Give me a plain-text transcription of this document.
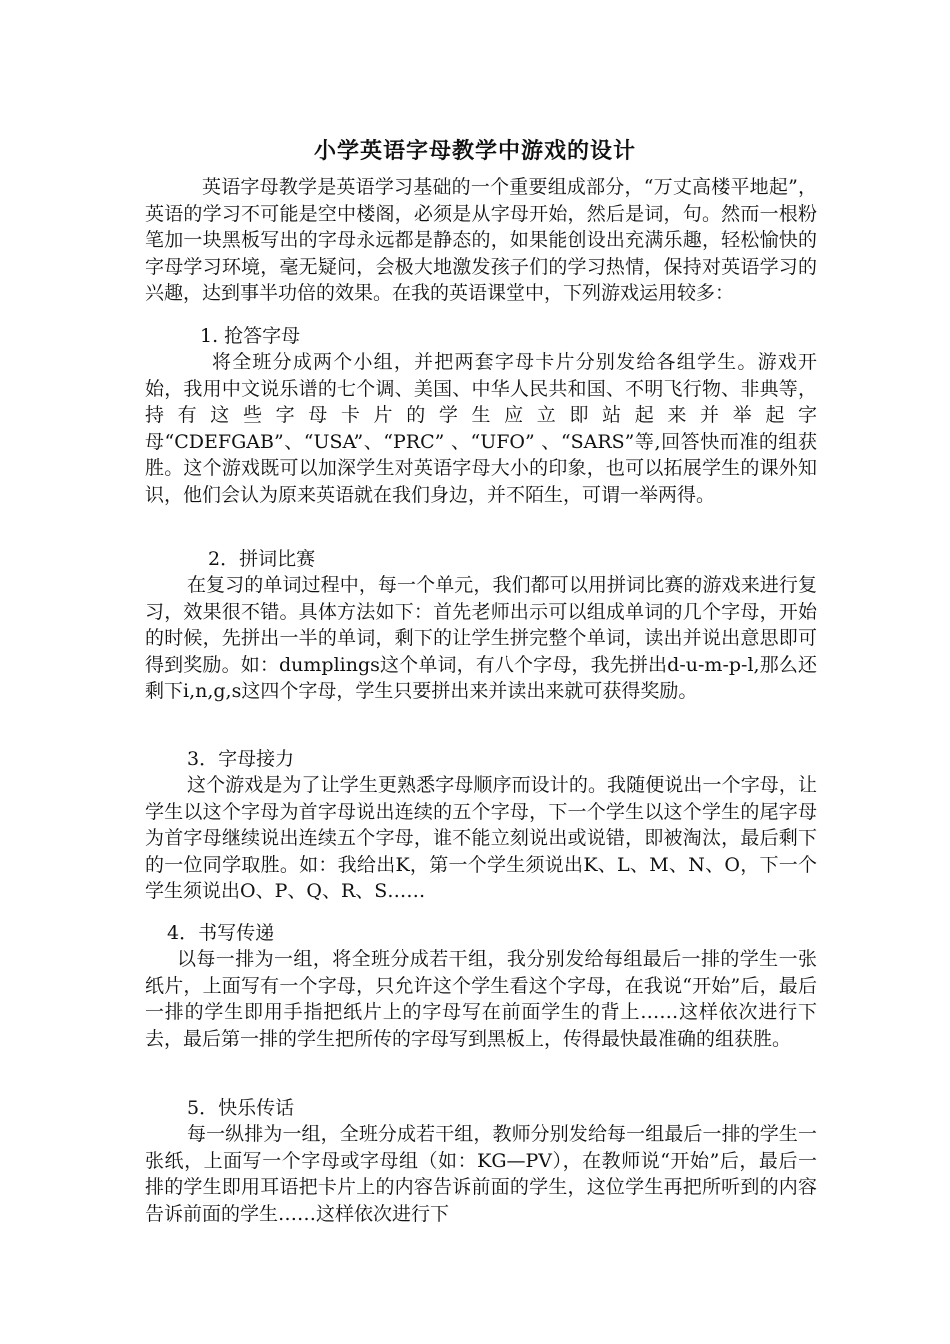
小学英语字母教学中游戏的设计

英语字母教学是英语学习基础的一个重要组成部分，“万丈高楼平地起”，英语的学习不可能是空中楼阁，必须是从字母开始，然后是词，句。然而一根粉笔加一块黑板写出的字母永远都是静态的，如果能创设出充满乐趣，轻松愉快的字母学习环境，毫无疑问，会极大地激发孩子们的学习热情，保持对英语学习的兴趣，达到事半功倍的效果。在我的英语课堂中，下列游戏运用较多：

1. 抢答字母

将全班分成两个小组，并把两套字母卡片分别发给各组学生。游戏开始，我用中文说乐谱的七个调、美国、中华人民共和国、不明飞行物、非典等，持有这些字母卡片的学生应立即站起来并举起字母“CDEFGAB”、“USA”、“PRC” 、“UFO” 、“SARS”等,回答快而准的组获胜。这个游戏既可以加深学生对英语字母大小的印象，也可以拓展学生的课外知识，他们会认为原来英语就在我们身边，并不陌生，可谓一举两得。

2．拼词比赛

在复习的单词过程中，每一个单元，我们都可以用拼词比赛的游戏来进行复习，效果很不错。具体方法如下：首先老师出示可以组成单词的几个字母，开始的时候，先拼出一半的单词，剩下的让学生拼完整个单词，读出并说出意思即可得到奖励。如：dumplings这个单词，有八个字母，我先拼出d-u-m-p-l,那么还剩下i,n,g,s这四个字母，学生只要拼出来并读出来就可获得奖励。

3．字母接力

这个游戏是为了让学生更熟悉字母顺序而设计的。我随便说出一个字母，让学生以这个字母为首字母说出连续的五个字母，下一个学生以这个学生的尾字母为首字母继续说出连续五个字母，谁不能立刻说出或说错，即被淘汰，最后剩下的一位同学取胜。如：我给出K，第一个学生须说出K、L、M、N、O，下一个学生须说出O、P、Q、R、S……

4．书写传递

以每一排为一组，将全班分成若干组，我分别发给每组最后一排的学生一张纸片，上面写有一个字母，只允许这个学生看这个字母，在我说“开始”后，最后一排的学生即用手指把纸片上的字母写在前面学生的背上……这样依次进行下去，最后第一排的学生把所传的字母写到黑板上，传得最快最准确的组获胜。

5．快乐传话

每一纵排为一组，全班分成若干组，教师分别发给每一组最后一排的学生一张纸，上面写一个字母或字母组（如：KG—PV），在教师说“开始”后，最后一排的学生即用耳语把卡片上的内容告诉前面的学生，这位学生再把所听到的内容告诉前面的学生……这样依次进行下
